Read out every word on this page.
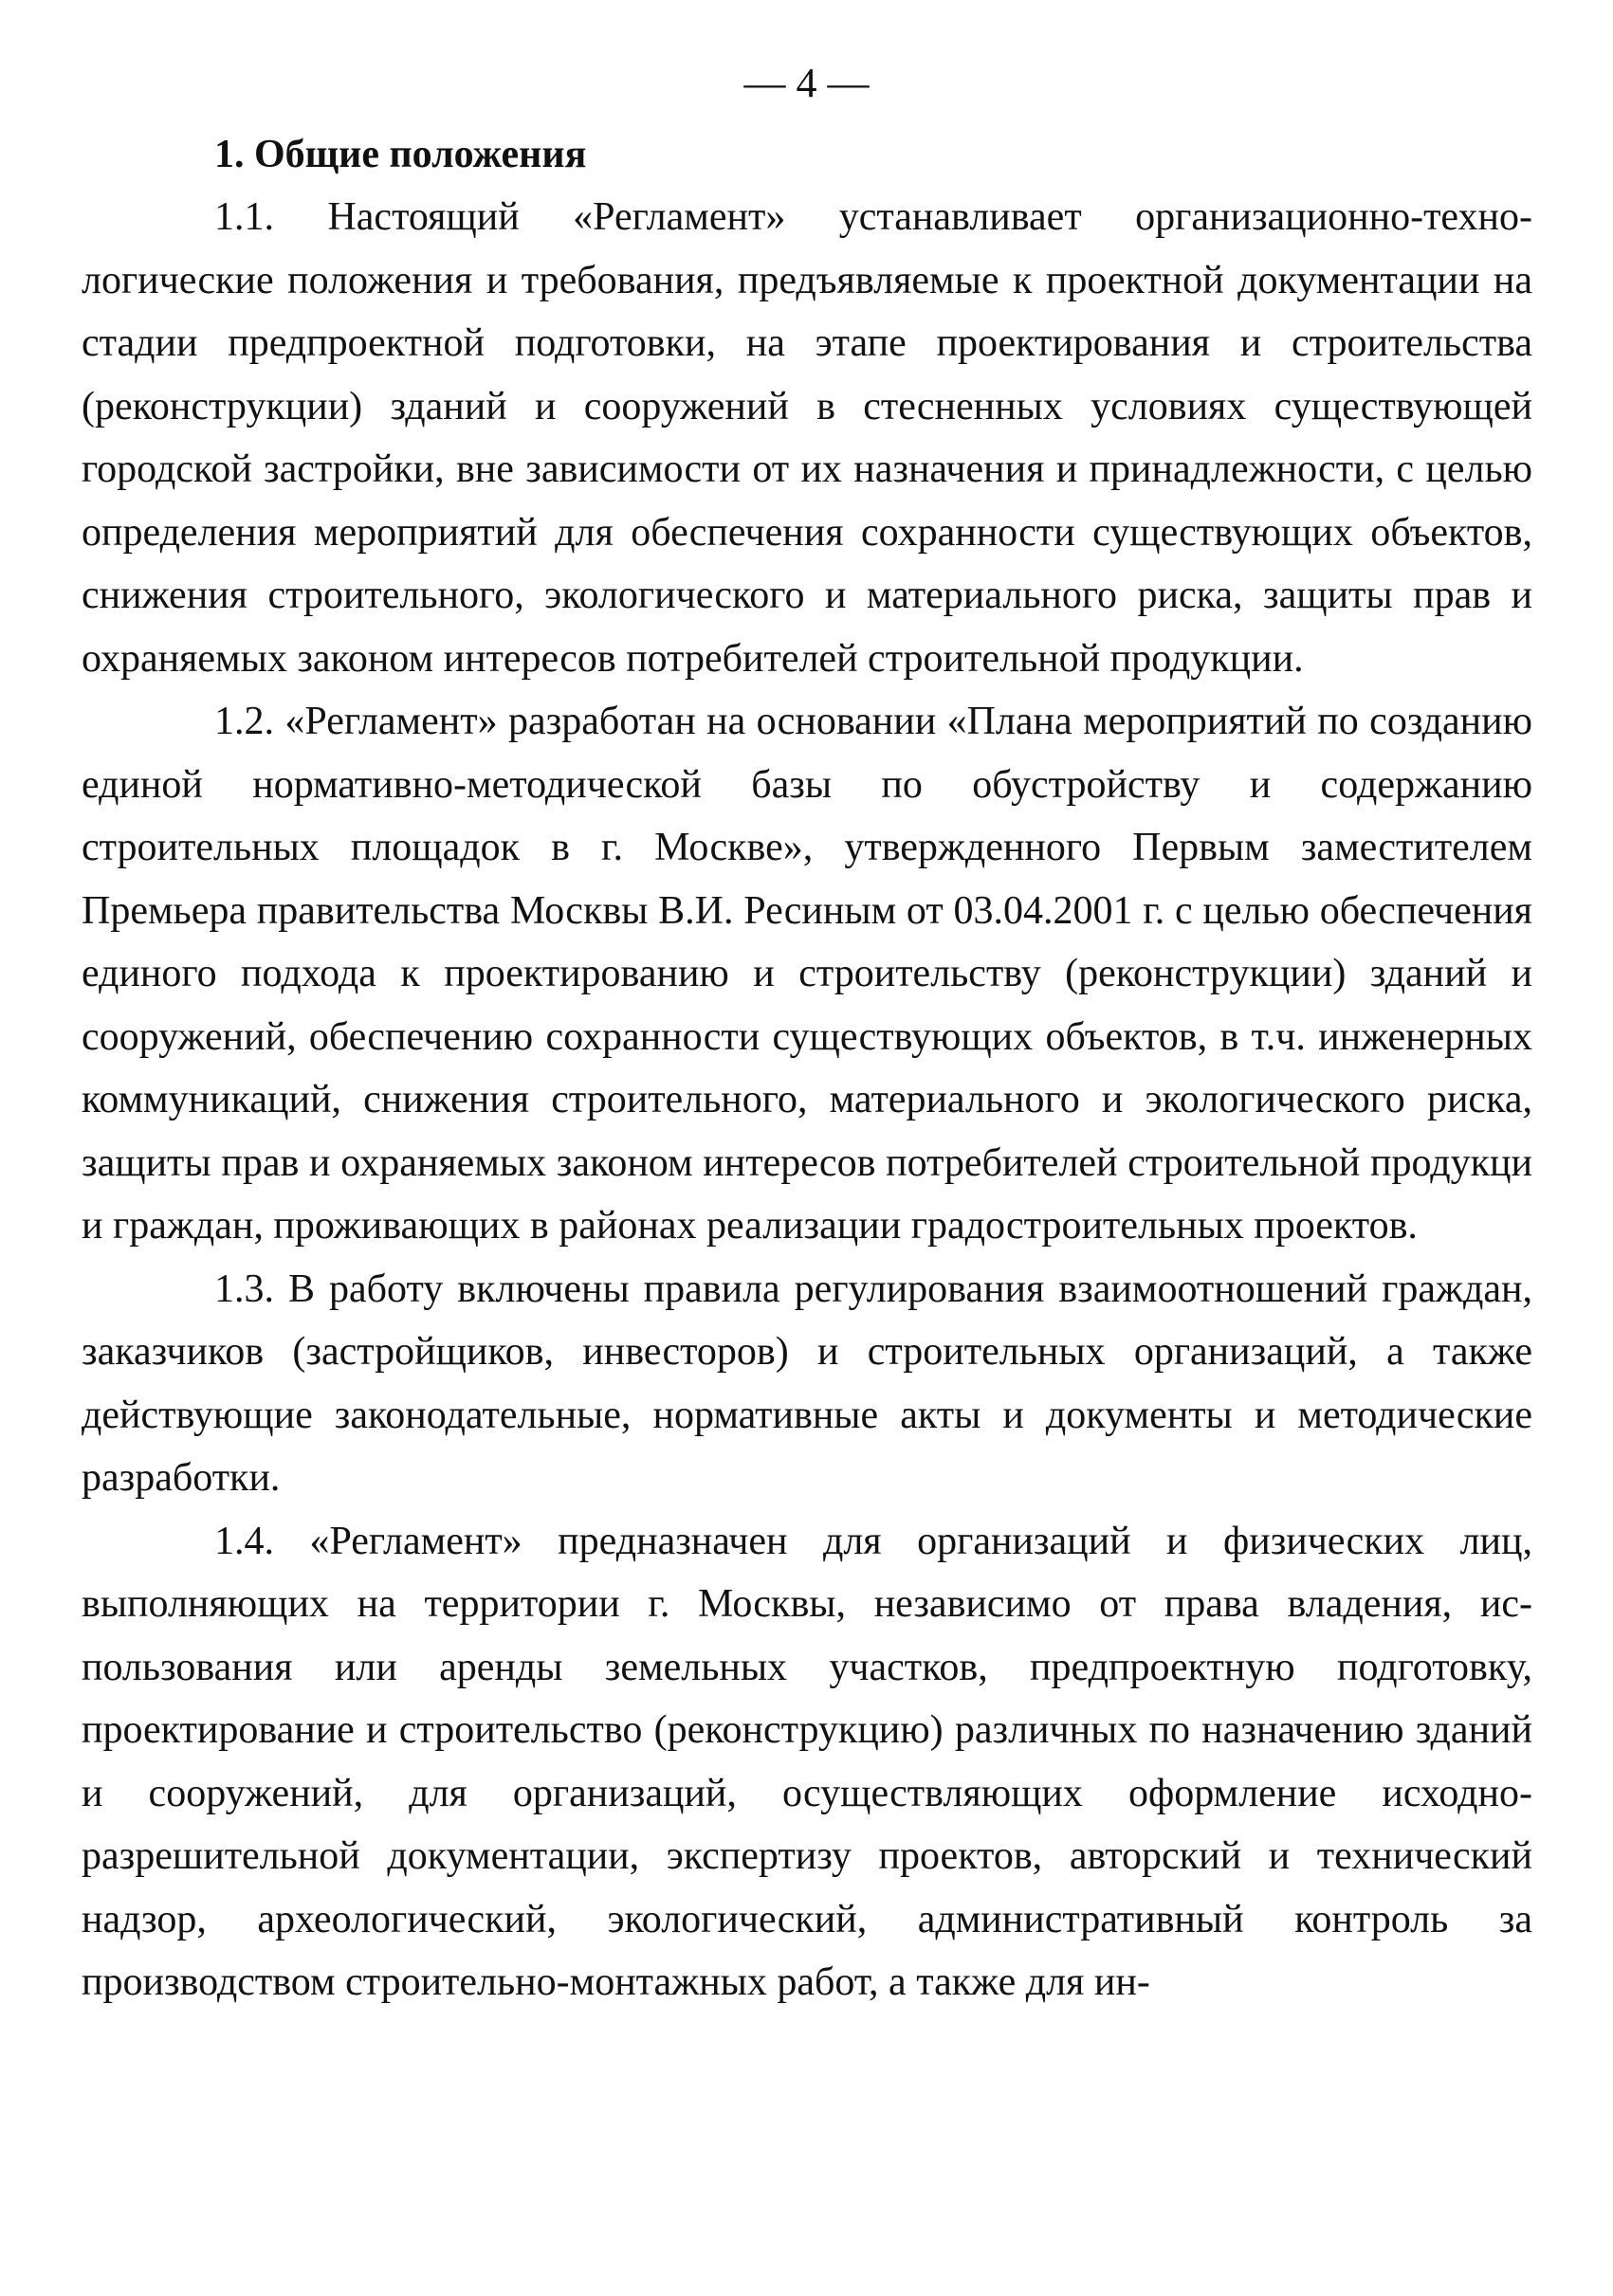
— 4 —
1. Общие положения

1.1. Настоящий «Регламент» устанавливает организационно-технологические положения и требования, предъявляемые к проектной документации на стадии предпроектной подготовки, на этапе проектирования и строительства (реконструкции) зданий и сооружений в стесненных условиях существующей городской застройки, вне зависимости от их назначения и принадлежности, с целью определения мероприятий для обеспечения сохранности существующих объектов, снижения строительного, экологического и материального риска, защиты прав и охраняемых законом интересов потребителей строительной продукции.

1.2. «Регламент» разработан на основании «Плана мероприятий по созданию единой нормативно-методической базы по обустройству и содержанию строительных площадок в г. Москве», утвержденного Первым заместителем Премьера правительства Москвы В.И. Ресиным от 03.04.2001 г. с целью обеспечения единого подхода к проектированию и строительству (реконструкции) зданий и сооружений, обеспечению сохранности существующих объектов, в т.ч. инженерных коммуникаций, снижения строительного, материального и экологического риска, защиты прав и охраняемых законом интересов потребителей строительной продукци и граждан, проживающих в районах реализации градостроительных проектов.

1.3. В работу включены правила регулирования взаимоотношений граждан, заказчиков (застройщиков, инвесторов) и строительных организаций, а также действующие законодательные, нормативные акты и документы и методические разработки.

1.4. «Регламент» предназначен для организаций и физических лиц, выполняющих на территории г. Москвы, независимо от права владения, использования или аренды земельных участков, предпроектную подготовку, проектирование и строительство (реконструкцию) различных по назначению зданий и сооружений, для организаций, осуществляющих оформление исходно-разрешительной документации, экспертизу проектов, авторский и технический надзор, археологический, экологический, административный контроль за производством строительно-монтажных работ, а также для ин-
